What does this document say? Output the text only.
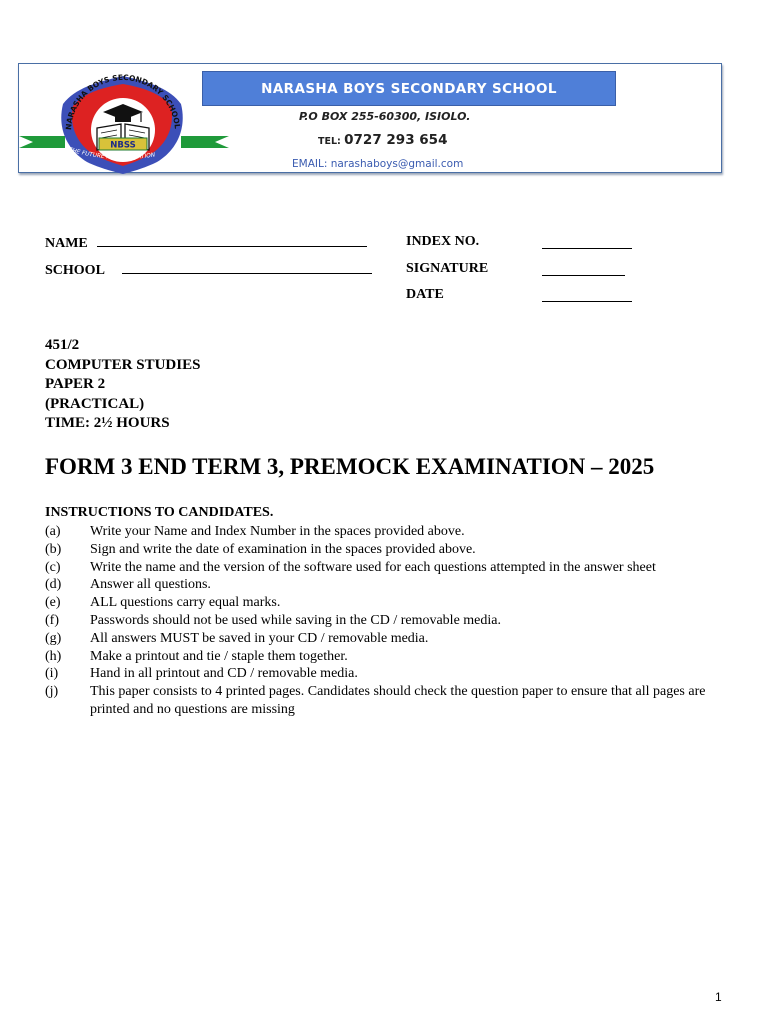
NARASHA BOYS SECONDARY SCHOOL
NBSS
THE FUTURE IS IN EDUCATION
NARASHA BOYS SECONDARY SCHOOL
P.O BOX 255-60300, ISIOLO.
TEL: 0727 293 654
EMAIL: narashaboys@gmail.com
NAME
SCHOOL
INDEX NO.
SIGNATURE
DATE
451/2
COMPUTER STUDIES
PAPER 2
(PRACTICAL)
TIME: 2½ HOURS
FORM 3 END TERM 3, PREMOCK EXAMINATION – 2025
INSTRUCTIONS TO CANDIDATES.
(a)	Write your Name and Index Number in the spaces provided above.
(b)	Sign and write the date of examination in the spaces provided above.
(c)	Write the name and the version of the software used for each questions attempted in the answer sheet
(d)	Answer all questions.
(e)	ALL questions carry equal marks.
(f)	Passwords should not be used while saving in the CD / removable media.
(g)	All answers MUST be saved in your CD / removable media.
(h)	Make a printout and tie / staple them together.
(i)	Hand in all printout and CD / removable media.
(j)	This paper consists to 4 printed pages. Candidates should check the question paper to ensure that all pages are printed and no questions are missing
1
